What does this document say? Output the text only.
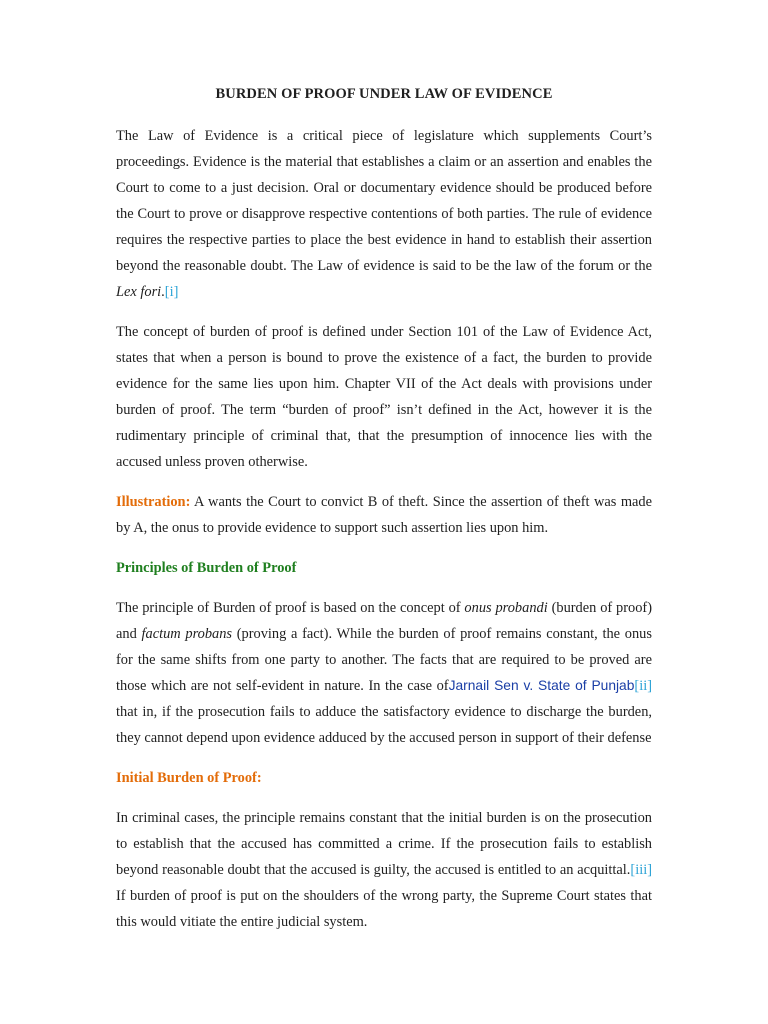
BURDEN OF PROOF UNDER LAW OF EVIDENCE

The Law of Evidence is a critical piece of legislature which supplements Court’s proceedings. Evidence is the material that establishes a claim or an assertion and enables the Court to come to a just decision. Oral or documentary evidence should be produced before the Court to prove or disapprove respective contentions of both parties. The rule of evidence requires the respective parties to place the best evidence in hand to establish their assertion beyond the reasonable doubt. The Law of evidence is said to be the law of the forum or the Lex fori.[i]

The concept of burden of proof is defined under Section 101 of the Law of Evidence Act, states that when a person is bound to prove the existence of a fact, the burden to provide evidence for the same lies upon him. Chapter VII of the Act deals with provisions under burden of proof. The term “burden of proof” isn’t defined in the Act, however it is the rudimentary principle of criminal that, that the presumption of innocence lies with the accused unless proven otherwise.

Illustration: A wants the Court to convict B of theft. Since the assertion of theft was made by A, the onus to provide evidence to support such assertion lies upon him.

Principles of Burden of Proof

The principle of Burden of proof is based on the concept of onus probandi (burden of proof) and factum probans (proving a fact). While the burden of proof remains constant, the onus for the same shifts from one party to another. The facts that are required to be proved are those which are not self-evident in nature. In the case ofJarnail Sen v. State of Punjab[ii] that in, if the prosecution fails to adduce the satisfactory evidence to discharge the burden, they cannot depend upon evidence adduced by the accused person in support of their defense

Initial Burden of Proof:

In criminal cases, the principle remains constant that the initial burden is on the prosecution to establish that the accused has committed a crime. If the prosecution fails to establish beyond reasonable doubt that the accused is guilty, the accused is entitled to an acquittal.[iii] If burden of proof is put on the shoulders of the wrong party, the Supreme Court states that this would vitiate the entire judicial system.
